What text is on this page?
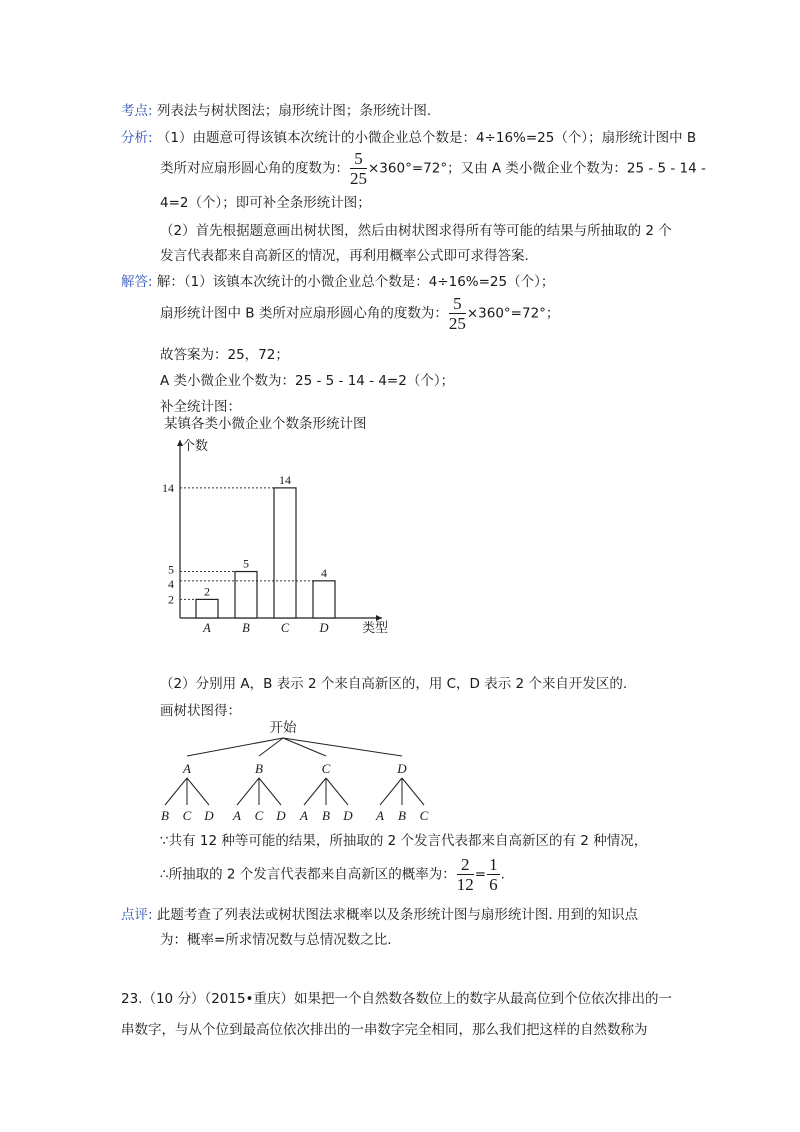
考点: 列表法与树状图法；扇形统计图；条形统计图.
分析: （1）由题意可得该镇本次统计的小微企业总个数是：4÷16%=25（个）；扇形统计图中 B
类所对应扇形圆心角的度数为： $\frac{5}{25} \times 360^\circ=72^\circ$；又由 A 类小微企业个数为：25 - 5 - 14 -
4=2（个）；即可补全条形统计图；
（2）首先根据题意画出树状图，然后由树状图求得所有等可能的结果与所抽取的 2 个
发言代表都来自高新区的情况，再利用概率公式即可求得答案.
解答: 解：（1）该镇本次统计的小微企业总个数是：4÷16%=25（个）；
扇形统计图中 B 类所对应扇形圆心角的度数为： $\frac{5}{25} \times 360^\circ=72^\circ$；
故答案为：25，72；
A 类小微企业个数为：25 - 5 - 14 - 4=2（个）；
补全统计图：
某镇各类小微企业个数条形统计图
个数
类型
2
A
5
B
14
C
4
D
2
4
5
14
（2）分别用 A，B 表示 2 个来自高新区的，用 C，D 表示 2 个来自开发区的.
画树状图得：
开始
A
B C D
B
A C D
C
A B D
D
A B C
∵共有 12 种等可能的结果，所抽取的 2 个发言代表都来自高新区的有 2 种情况，
∴所抽取的 2 个发言代表都来自高新区的概率为： $\frac{2}{12} = \frac{1}{6}$ .
点评: 此题考查了列表法或树状图法求概率以及条形统计图与扇形统计图. 用到的知识点
为：概率=所求情况数与总情况数之比.
23.（10 分）（2015•重庆）如果把一个自然数各数位上的数字从最高位到个位依次排出的一
串数字，与从个位到最高位依次排出的一串数字完全相同，那么我们把这样的自然数称为
